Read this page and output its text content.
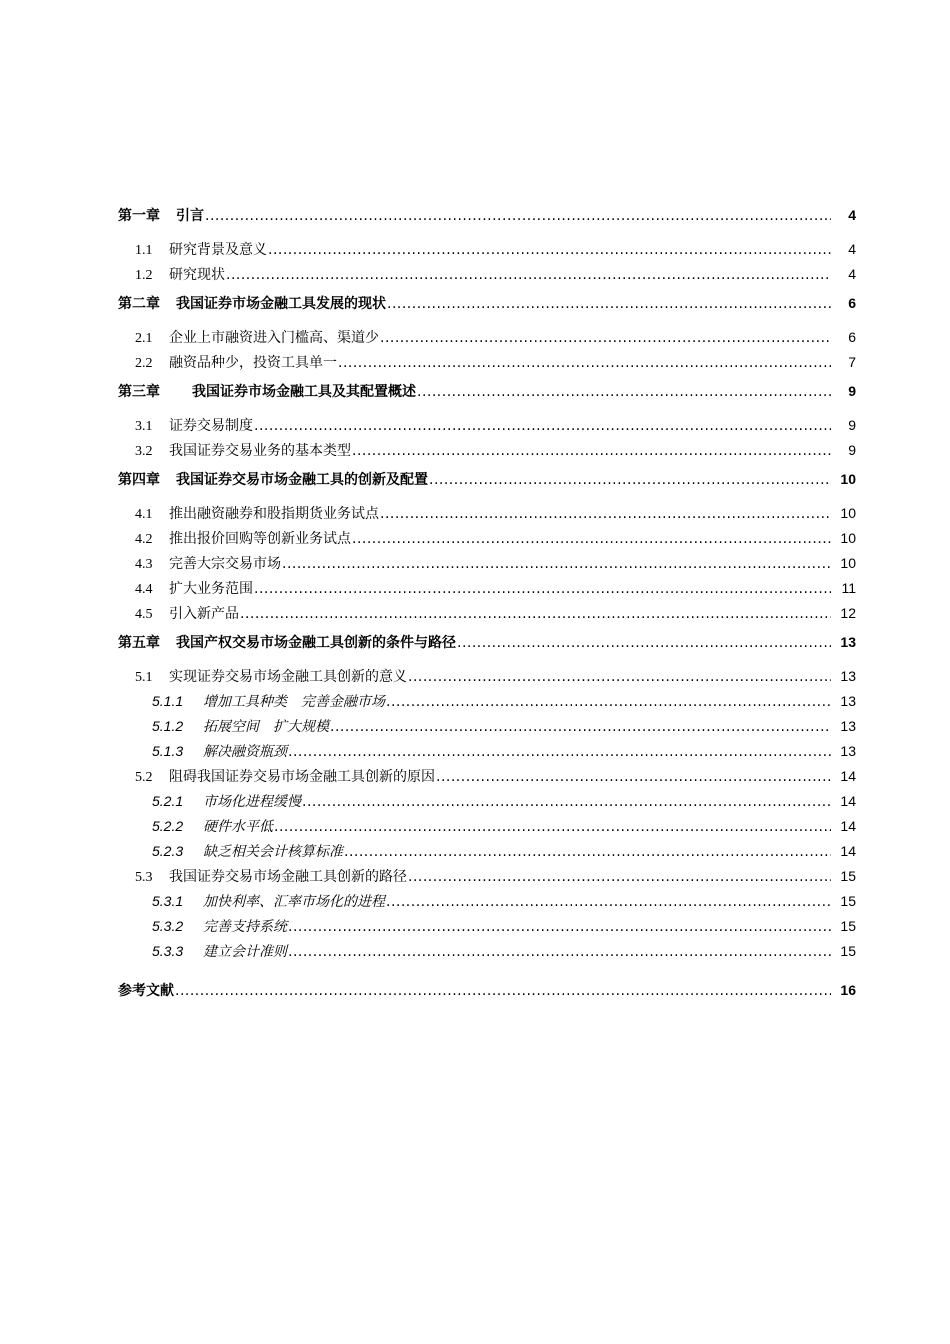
第一章 引言 .....	4
1.1	研究背景及意义 .....	4
1.2	研究现状 .....	4
第二章 我国证券市场金融工具发展的现状 .....	6
2.1	企业上市融资进入门槛高、渠道少 .....	6
2.2	融资品种少，投资工具单一 .....	7
第三章 我国证券市场金融工具及其配置概述 .....	9
3.1	证券交易制度 .....	9
3.2	我国证券交易业务的基本类型 .....	9
第四章 我国证券交易市场金融工具的创新及配置 .....	10
4.1	推出融资融券和股指期货业务试点 .....	10
4.2	推出报价回购等创新业务试点 .....	10
4.3	完善大宗交易市场 .....	10
4.4	扩大业务范围 .....	11
4.5	引入新产品 .....	12
第五章 我国产权交易市场金融工具创新的条件与路径 .....	13
5.1	实现证券交易市场金融工具创新的意义 .....	13
5.1.1	增加工具种类　完善金融市场 .....	13
5.1.2	拓展空间　扩大规模 .....	13
5.1.3	解决融资瓶颈 .....	13
5.2	阻碍我国证券交易市场金融工具创新的原因 .....	14
5.2.1	市场化进程缓慢 .....	14
5.2.2	硬件水平低 .....	14
5.2.3	缺乏相关会计核算标准 .....	14
5.3	我国证券交易市场金融工具创新的路径 .....	15
5.3.1	加快利率、汇率市场化的进程 .....	15
5.3.2	完善支持系统 .....	15
5.3.3	建立会计准则 .....	15
参考文献 .....	16
